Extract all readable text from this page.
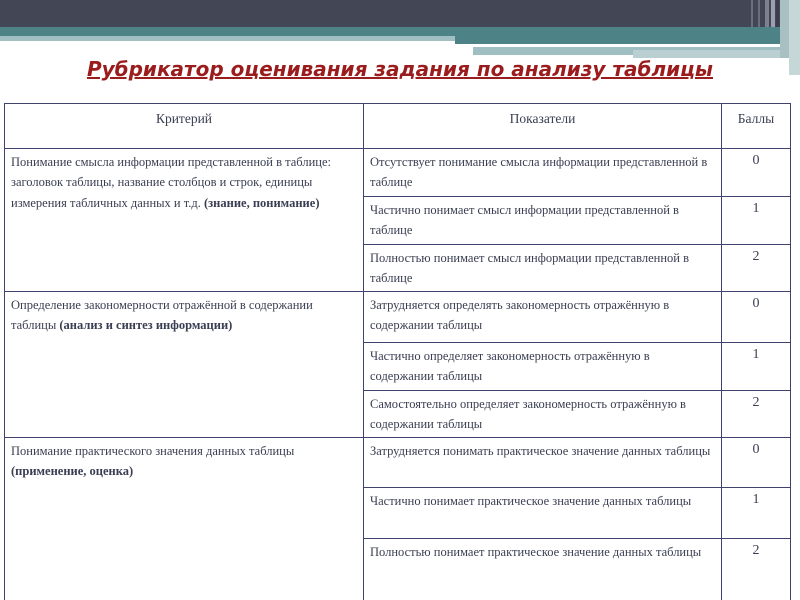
Рубрикатор оценивания задания по анализу таблицы
Критерий	Показатели	Баллы
Понимание смысла информации представленной в таблице: заголовок таблицы, название столбцов и строк, единицы измерения табличных данных и т.д. (знание, понимание)	Отсутствует понимание смысла информации представленной в таблице	0
	Частично понимает смысл информации представленной в таблице	1
	Полностью понимает смысл информации представленной в таблице	2
Определение закономерности отражённой в содержании таблицы (анализ и синтез информации)	Затрудняется определять закономерность отражённую в содержании таблицы	0
	Частично определяет закономерность отражённую в содержании таблицы	1
	Самостоятельно определяет закономерность отражённую в содержании таблицы	2
Понимание практического значения данных таблицы (применение, оценка)	Затрудняется понимать практическое значение данных таблицы	0
	Частично понимает практическое значение данных таблицы	1
	Полностью понимает практическое значение данных таблицы	2
